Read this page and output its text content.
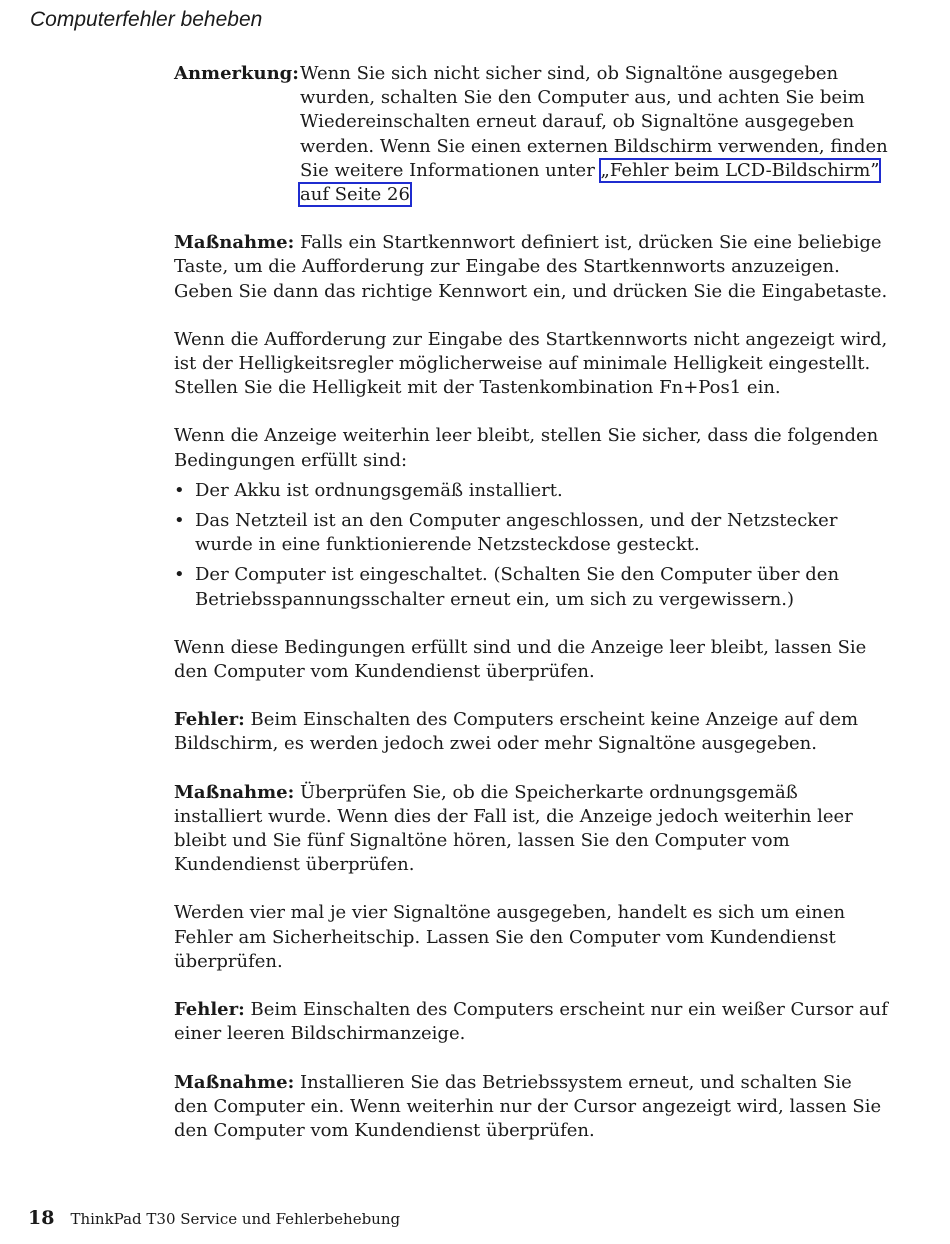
Computerfehler beheben
Anmerkung: Wenn Sie sich nicht sicher sind, ob Signaltöne ausgegeben wurden, schalten Sie den Computer aus, und achten Sie beim Wiedereinschalten erneut darauf, ob Signaltöne ausgegeben werden. Wenn Sie einen externen Bildschirm verwenden, finden Sie weitere Informationen unter „Fehler beim LCD-Bildschirm” auf Seite 26

Maßnahme: Falls ein Startkennwort definiert ist, drücken Sie eine beliebige Taste, um die Aufforderung zur Eingabe des Startkennworts anzuzeigen. Geben Sie dann das richtige Kennwort ein, und drücken Sie die Eingabetaste.

Wenn die Aufforderung zur Eingabe des Startkennworts nicht angezeigt wird, ist der Helligkeitsregler möglicherweise auf minimale Helligkeit eingestellt. Stellen Sie die Helligkeit mit der Tastenkombination Fn+Pos1 ein.

Wenn die Anzeige weiterhin leer bleibt, stellen Sie sicher, dass die folgenden Bedingungen erfüllt sind:

• Der Akku ist ordnungsgemäß installiert.
• Das Netzteil ist an den Computer angeschlossen, und der Netzstecker wurde in eine funktionierende Netzsteckdose gesteckt.
• Der Computer ist eingeschaltet. (Schalten Sie den Computer über den Betriebsspannungsschalter erneut ein, um sich zu vergewissern.)

Wenn diese Bedingungen erfüllt sind und die Anzeige leer bleibt, lassen Sie den Computer vom Kundendienst überprüfen.

Fehler: Beim Einschalten des Computers erscheint keine Anzeige auf dem Bildschirm, es werden jedoch zwei oder mehr Signaltöne ausgegeben.

Maßnahme: Überprüfen Sie, ob die Speicherkarte ordnungsgemäß installiert wurde. Wenn dies der Fall ist, die Anzeige jedoch weiterhin leer bleibt und Sie fünf Signaltöne hören, lassen Sie den Computer vom Kundendienst überprüfen.

Werden vier mal je vier Signaltöne ausgegeben, handelt es sich um einen Fehler am Sicherheitschip. Lassen Sie den Computer vom Kundendienst überprüfen.

Fehler: Beim Einschalten des Computers erscheint nur ein weißer Cursor auf einer leeren Bildschirmanzeige.

Maßnahme: Installieren Sie das Betriebssystem erneut, und schalten Sie den Computer ein. Wenn weiterhin nur der Cursor angezeigt wird, lassen Sie den Computer vom Kundendienst überprüfen.

18 ThinkPad T30 Service und Fehlerbehebung
